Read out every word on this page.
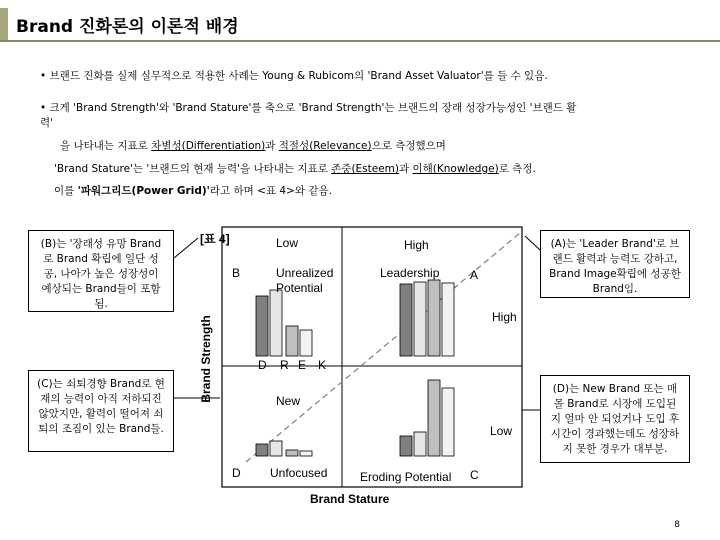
Brand 진화론의 이론적 배경
• 브랜드 진화를 실제 실무적으로 적용한 사례는 Young & Rubicom의 'Brand Asset Valuator'를 들 수 있음.
• 크게 'Brand Strength'와 'Brand Stature'를 축으로 'Brand Strength'는 브랜드의 장래 성장가능성인 '브랜드 활
력'
을 나타내는 지표로 차별성(Differentiation)과 적절성(Relevance)으로 측정했으며
'Brand Stature'는 '브랜드의 현재 능력'을 나타내는 지표로 존중(Esteem)과 이해(Knowledge)로 측정.
이를 '파워그리드(Power Grid)'라고 하며 <표 4>와 같음.
(B)는 '장래성 유망 Brand로 Brand 확립에 일단 성공, 나아가 높은 성장성이 예상되는 Brand들이 포함됨.
(C)는 쇠퇴경향 Brand로 현재의 능력이 아직 저하되진 않았지만, 활력이 떨어져 쇠퇴의 조짐이 있는 Brand들.
(A)는 'Leader Brand'로 브랜드 활력과 능력도 강하고, Brand Image확립에 성공한 Brand임.
(D)는 New Brand 또는 매몰 Brand로 시장에 도입된 지 얼마 안 되었거나 도입 후 시간이 경과했는데도 성장하지 못한 경우가 대부분.
[표 4]	Low	High
High
Low
B	A
D	C
Unrealized Potential
Leadership
New
Unfocused	Eroding Potential
D R E K
Brand Strength
Brand Stature
8
